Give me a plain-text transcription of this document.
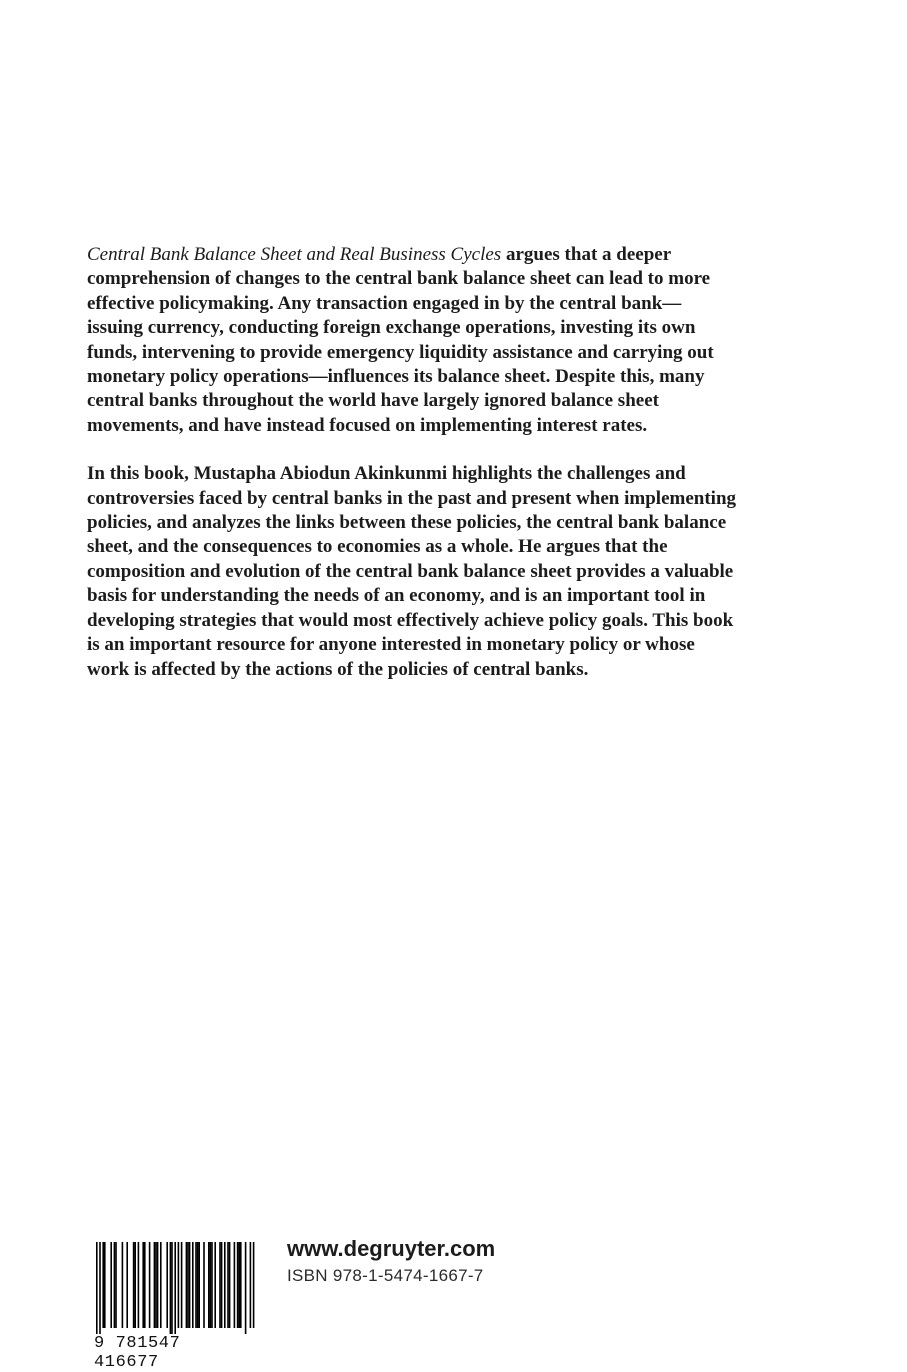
Central Bank Balance Sheet and Real Business Cycles argues that a deeper comprehension of changes to the central bank balance sheet can lead to more effective policymaking. Any transaction engaged in by the central bank—issuing currency, conducting foreign exchange operations, investing its own funds, intervening to provide emergency liquidity assistance and carrying out monetary policy operations—influences its balance sheet. Despite this, many central banks throughout the world have largely ignored balance sheet movements, and have instead focused on implementing interest rates.

In this book, Mustapha Abiodun Akinkunmi highlights the challenges and controversies faced by central banks in the past and present when implementing policies, and analyzes the links between these policies, the central bank balance sheet, and the consequences to economies as a whole. He argues that the composition and evolution of the central bank balance sheet provides a valuable basis for understanding the needs of an economy, and is an important tool in developing strategies that would most effectively achieve policy goals. This book is an important resource for anyone interested in monetary policy or whose work is affected by the actions of the policies of central banks.

9 781547 416677
www.degruyter.com
ISBN 978-1-5474-1667-7
